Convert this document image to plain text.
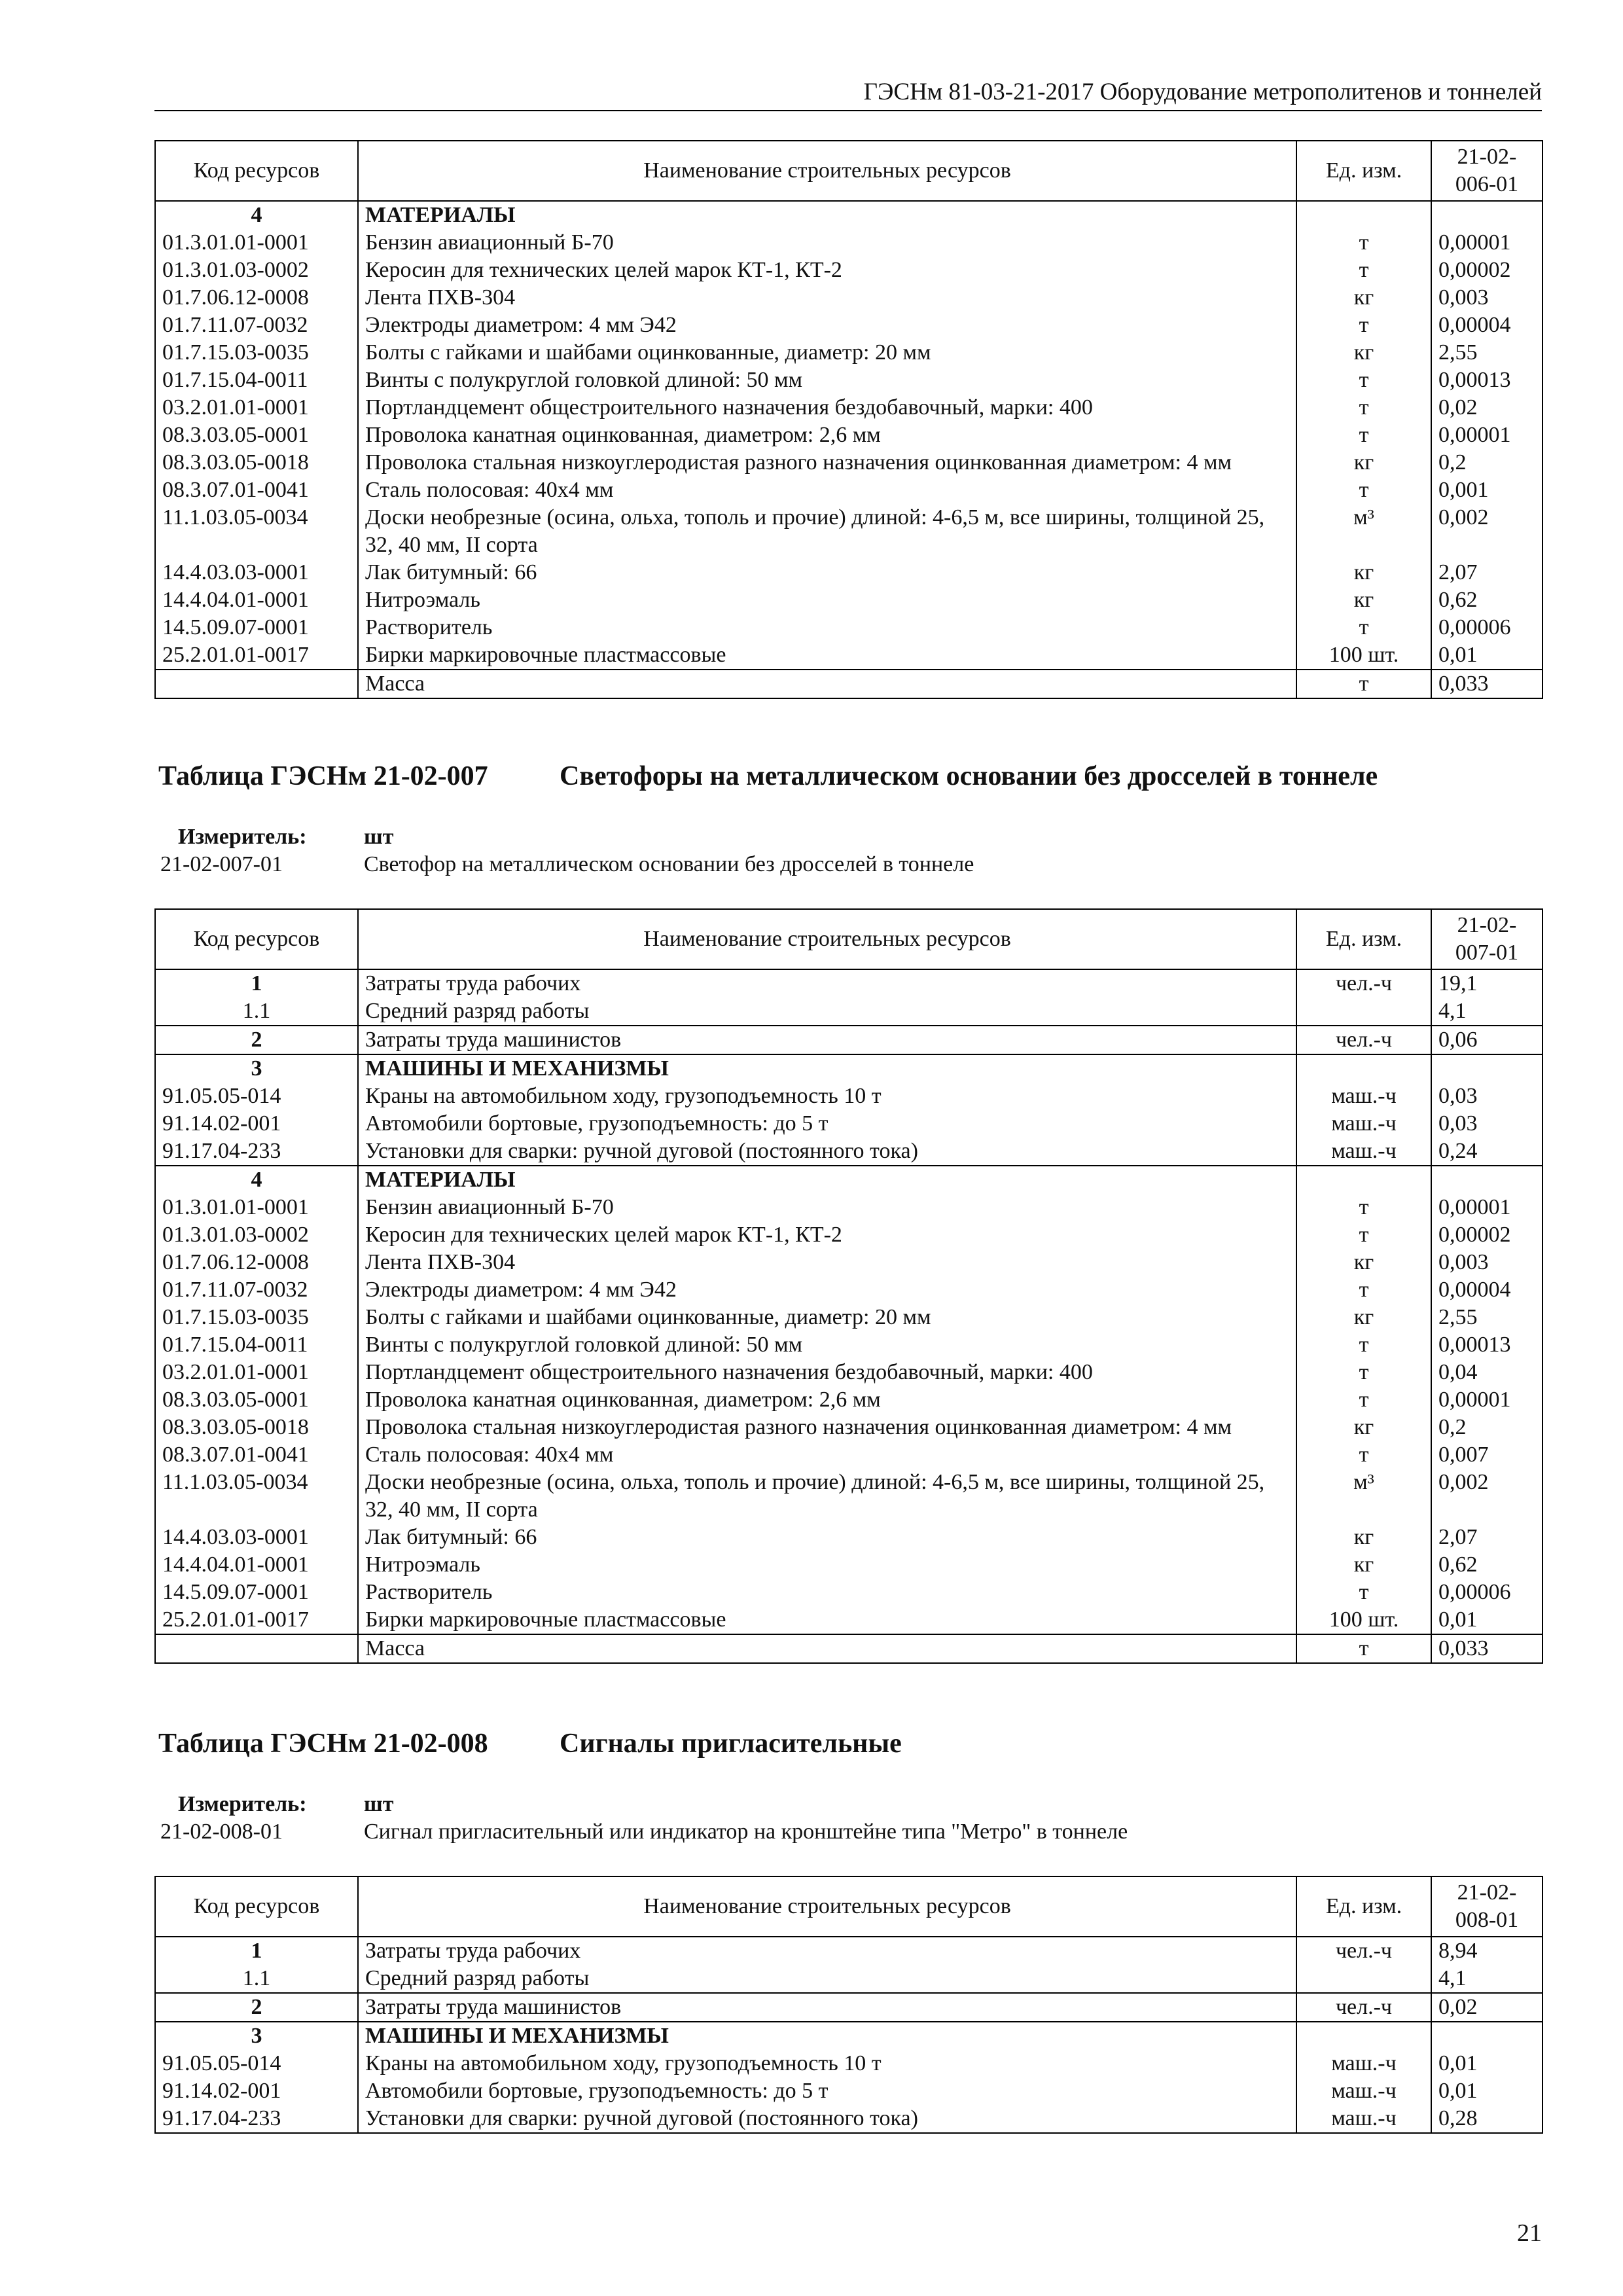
ГЭСНм 81-03-21-2017 Оборудование метрополитенов и тоннелей
Код ресурсов	Наименование строительных ресурсов	Ед. изм.	21-02-006-01
4	МАТЕРИАЛЫ		
01.3.01.01-0001	Бензин авиационный Б-70	т	0,00001
01.3.01.03-0002	Керосин для технических целей марок КТ-1, КТ-2	т	0,00002
01.7.06.12-0008	Лента ПХВ-304	кг	0,003
01.7.11.07-0032	Электроды диаметром: 4 мм Э42	т	0,00004
01.7.15.03-0035	Болты с гайками и шайбами оцинкованные, диаметр: 20 мм	кг	2,55
01.7.15.04-0011	Винты с полукруглой головкой длиной: 50 мм	т	0,00013
03.2.01.01-0001	Портландцемент общестроительного назначения бездобавочный, марки: 400	т	0,02
08.3.03.05-0001	Проволока канатная оцинкованная, диаметром: 2,6 мм	т	0,00001
08.3.03.05-0018	Проволока стальная низкоуглеродистая разного назначения оцинкованная диаметром: 4 мм	кг	0,2
08.3.07.01-0041	Сталь полосовая: 40х4 мм	т	0,001
11.1.03.05-0034	Доски необрезные (осина, ольха, тополь и прочие) длиной: 4-6,5 м, все ширины, толщиной 25, 32, 40 мм, II сорта	м³	0,002
14.4.03.03-0001	Лак битумный: 66	кг	2,07
14.4.04.01-0001	Нитроэмаль	кг	0,62
14.5.09.07-0001	Растворитель	т	0,00006
25.2.01.01-0017	Бирки маркировочные пластмассовые	100 шт.	0,01
	Масса	т	0,033
Таблица ГЭСНм 21-02-007	Светофоры на металлическом основании без дросселей в тоннеле
Измеритель:	шт
21-02-007-01	Светофор на металлическом основании без дросселей в тоннеле
Код ресурсов	Наименование строительных ресурсов	Ед. изм.	21-02-007-01
1	Затраты труда рабочих	чел.-ч	19,1
1.1	Средний разряд работы		4,1
2	Затраты труда машинистов	чел.-ч	0,06
3	МАШИНЫ И МЕХАНИЗМЫ		
91.05.05-014	Краны на автомобильном ходу, грузоподъемность 10 т	маш.-ч	0,03
91.14.02-001	Автомобили бортовые, грузоподъемность: до 5 т	маш.-ч	0,03
91.17.04-233	Установки для сварки: ручной дуговой (постоянного тока)	маш.-ч	0,24
4	МАТЕРИАЛЫ		
01.3.01.01-0001	Бензин авиационный Б-70	т	0,00001
01.3.01.03-0002	Керосин для технических целей марок КТ-1, КТ-2	т	0,00002
01.7.06.12-0008	Лента ПХВ-304	кг	0,003
01.7.11.07-0032	Электроды диаметром: 4 мм Э42	т	0,00004
01.7.15.03-0035	Болты с гайками и шайбами оцинкованные, диаметр: 20 мм	кг	2,55
01.7.15.04-0011	Винты с полукруглой головкой длиной: 50 мм	т	0,00013
03.2.01.01-0001	Портландцемент общестроительного назначения бездобавочный, марки: 400	т	0,04
08.3.03.05-0001	Проволока канатная оцинкованная, диаметром: 2,6 мм	т	0,00001
08.3.03.05-0018	Проволока стальная низкоуглеродистая разного назначения оцинкованная диаметром: 4 мм	кг	0,2
08.3.07.01-0041	Сталь полосовая: 40х4 мм	т	0,007
11.1.03.05-0034	Доски необрезные (осина, ольха, тополь и прочие) длиной: 4-6,5 м, все ширины, толщиной 25, 32, 40 мм, II сорта	м³	0,002
14.4.03.03-0001	Лак битумный: 66	кг	2,07
14.4.04.01-0001	Нитроэмаль	кг	0,62
14.5.09.07-0001	Растворитель	т	0,00006
25.2.01.01-0017	Бирки маркировочные пластмассовые	100 шт.	0,01
	Масса	т	0,033
Таблица ГЭСНм 21-02-008	Сигналы пригласительные
Измеритель:	шт
21-02-008-01	Сигнал пригласительный или индикатор на кронштейне типа "Метро" в тоннеле
Код ресурсов	Наименование строительных ресурсов	Ед. изм.	21-02-008-01
1	Затраты труда рабочих	чел.-ч	8,94
1.1	Средний разряд работы		4,1
2	Затраты труда машинистов	чел.-ч	0,02
3	МАШИНЫ И МЕХАНИЗМЫ		
91.05.05-014	Краны на автомобильном ходу, грузоподъемность 10 т	маш.-ч	0,01
91.14.02-001	Автомобили бортовые, грузоподъемность: до 5 т	маш.-ч	0,01
91.17.04-233	Установки для сварки: ручной дуговой (постоянного тока)	маш.-ч	0,28
21
